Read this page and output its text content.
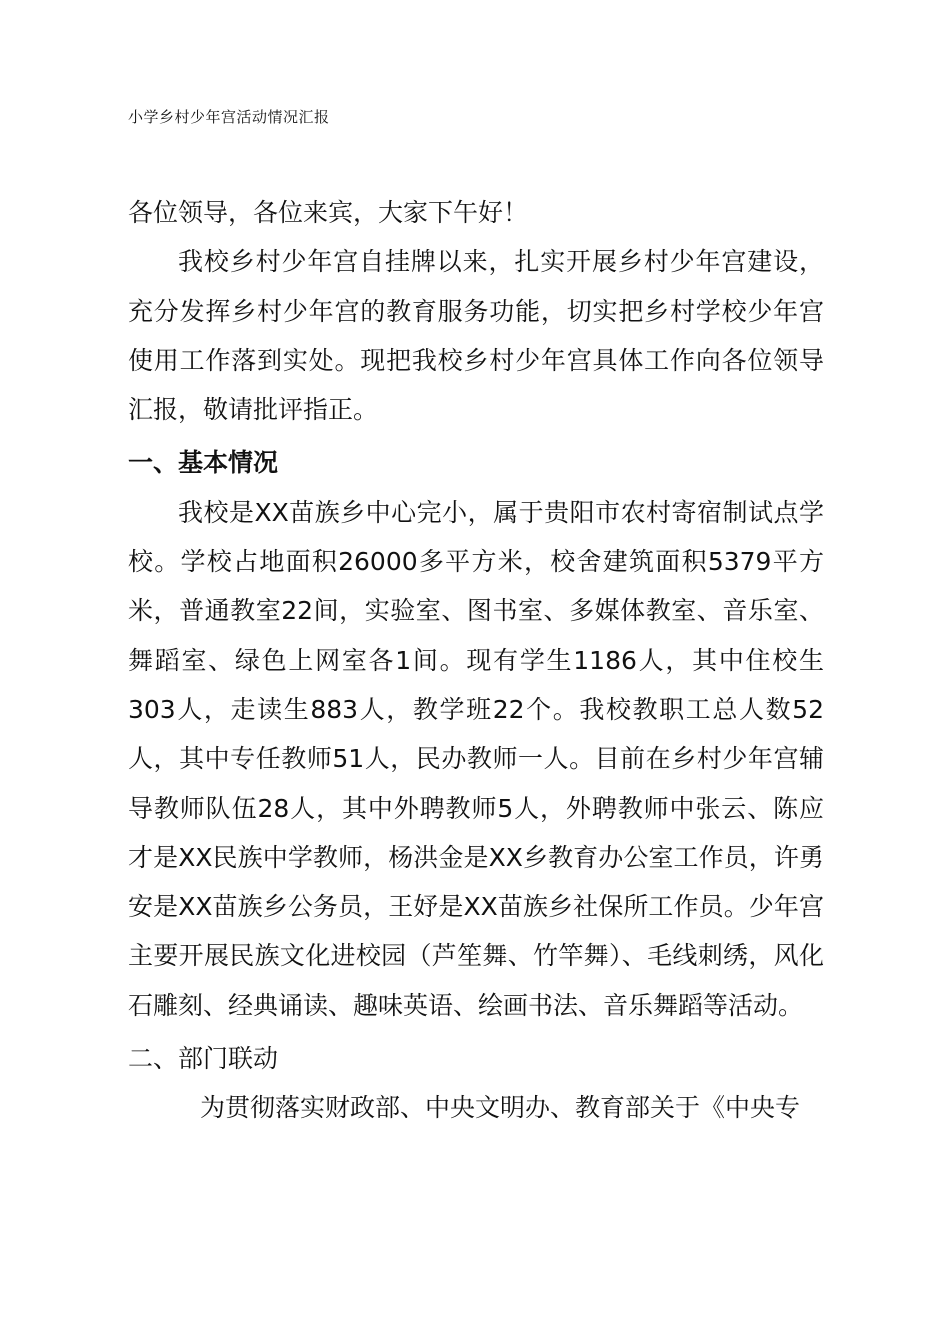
小学乡村少年宫活动情况汇报

各位领导，各位来宾，大家下午好！

我校乡村少年宫自挂牌以来，扎实开展乡村少年宫建设，充分发挥乡村少年宫的教育服务功能，切实把乡村学校少年宫使用工作落到实处。现把我校乡村少年宫具体工作向各位领导汇报，敬请批评指正。

一、基本情况

我校是XX苗族乡中心完小，属于贵阳市农村寄宿制试点学校。学校占地面积26000多平方米，校舍建筑面积5379平方米，普通教室22间，实验室、图书室、多媒体教室、音乐室、舞蹈室、绿色上网室各1间。现有学生1186人，其中住校生303人，走读生883人，教学班22个。我校教职工总人数52人，其中专任教师51人，民办教师一人。目前在乡村少年宫辅导教师队伍28人，其中外聘教师5人，外聘教师中张云、陈应才是XX民族中学教师，杨洪金是XX乡教育办公室工作员，许勇安是XX苗族乡公务员，王妤是XX苗族乡社保所工作员。少年宫主要开展民族文化进校园（芦笙舞、竹竿舞）、毛线刺绣，风化石雕刻、经典诵读、趣味英语、绘画书法、音乐舞蹈等活动。

二、部门联动

为贯彻落实财政部、中央文明办、教育部关于《中央专
